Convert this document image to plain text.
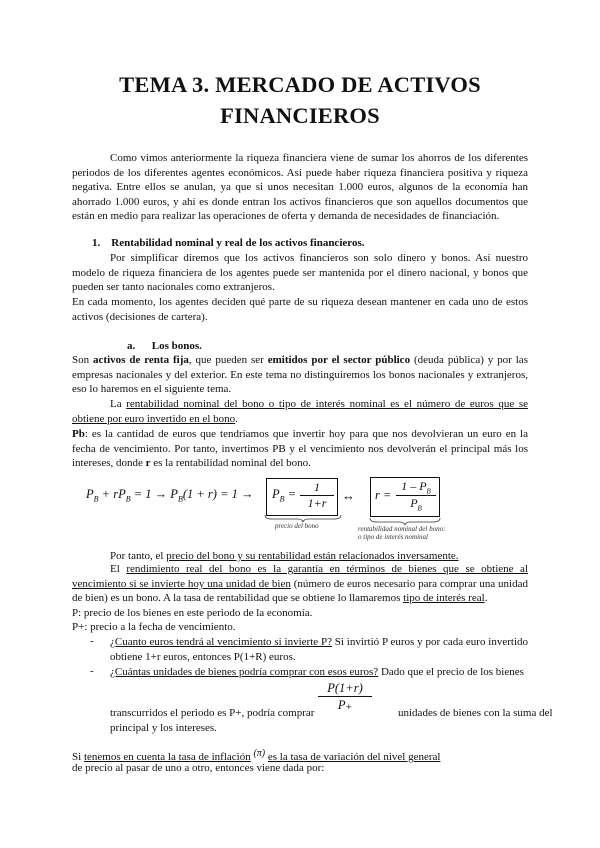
TEMA 3. MERCADO DE ACTIVOS
FINANCIEROS
Como vimos anteriormente la riqueza financiera viene de sumar los ahorros de los diferentes periodos de los diferentes agentes económicos. Así puede haber riqueza financiera positiva y riqueza negativa. Entre ellos se anulan, ya que si unos necesitan 1.000 euros, algunos de la economía han ahorrado 1.000 euros, y ahí es donde entran los activos financieros que son aquellos documentos que están en medio para realizar las operaciones de oferta y demanda de necesidades de financiación.
1. Rentabilidad nominal y real de los activos financieros.
Por simplificar diremos que los activos financieros son solo dinero y bonos. Así nuestro modelo de riqueza financiera de los agentes puede ser mantenida por el dinero nacional, y bonos que pueden ser tanto nacionales como extranjeros.
En cada momento, los agentes deciden qué parte de su riqueza desean mantener en cada uno de estos activos (decisiones de cartera).
a. Los bonos.
Son activos de renta fija, que pueden ser emitidos por el sector público (deuda pública) y por las empresas nacionales y del exterior. En este tema no distinguiremos los bonos nacionales y extranjeros, eso lo haremos en el siguiente tema.
La rentabilidad nominal del bono o tipo de interés nominal es el número de euros que se obtiene por euro invertido en el bono.
Pb: es la cantidad de euros que tendríamos que invertir hoy para que nos devolvieran un euro en la fecha de vencimiento. Por tanto, invertimos PB y el vencimiento nos devolverán el principal más los intereses, donde r es la rentabilidad nominal del bono.
$P_B + rP_B = 1 \to P_B(1 + r) = 1 \to P_B = \frac{1}{1+r}$ ↔ $r = \frac{1 - P_B}{P_B}$
precio del bono	rentabilidad nominal del bono:
o tipo de interés nominal
Por tanto, el precio del bono y su rentabilidad están relacionados inversamente.
El rendimiento real del bono es la garantía en términos de bienes que se obtiene al vencimiento si se invierte hoy una unidad de bien (número de euros necesario para comprar una unidad de bien) es un bono. A la tasa de rentabilidad que se obtiene lo llamaremos tipo de interés real.
P: precio de los bienes en este periodo de la economía.
P+: precio a la fecha de vencimiento.
- ¿Cuanto euros tendrá al vencimiento si invierte P? Si invirtió P euros y por cada euro invertido obtiene 1+r euros, entonces P(1+R) euros.
- ¿Cuántas unidades de bienes podría comprar con esos euros? Dado que el precio de los bienes
$\frac{P(1+r)}{P_+}$
transcurridos el periodo es P+, podría comprar	unidades de bienes con la suma del
principal y los intereses.
Si tenemos en cuenta la tasa de inflación (π) es la tasa de variación del nivel general
de precio al pasar de uno a otro, entonces viene dada por:
